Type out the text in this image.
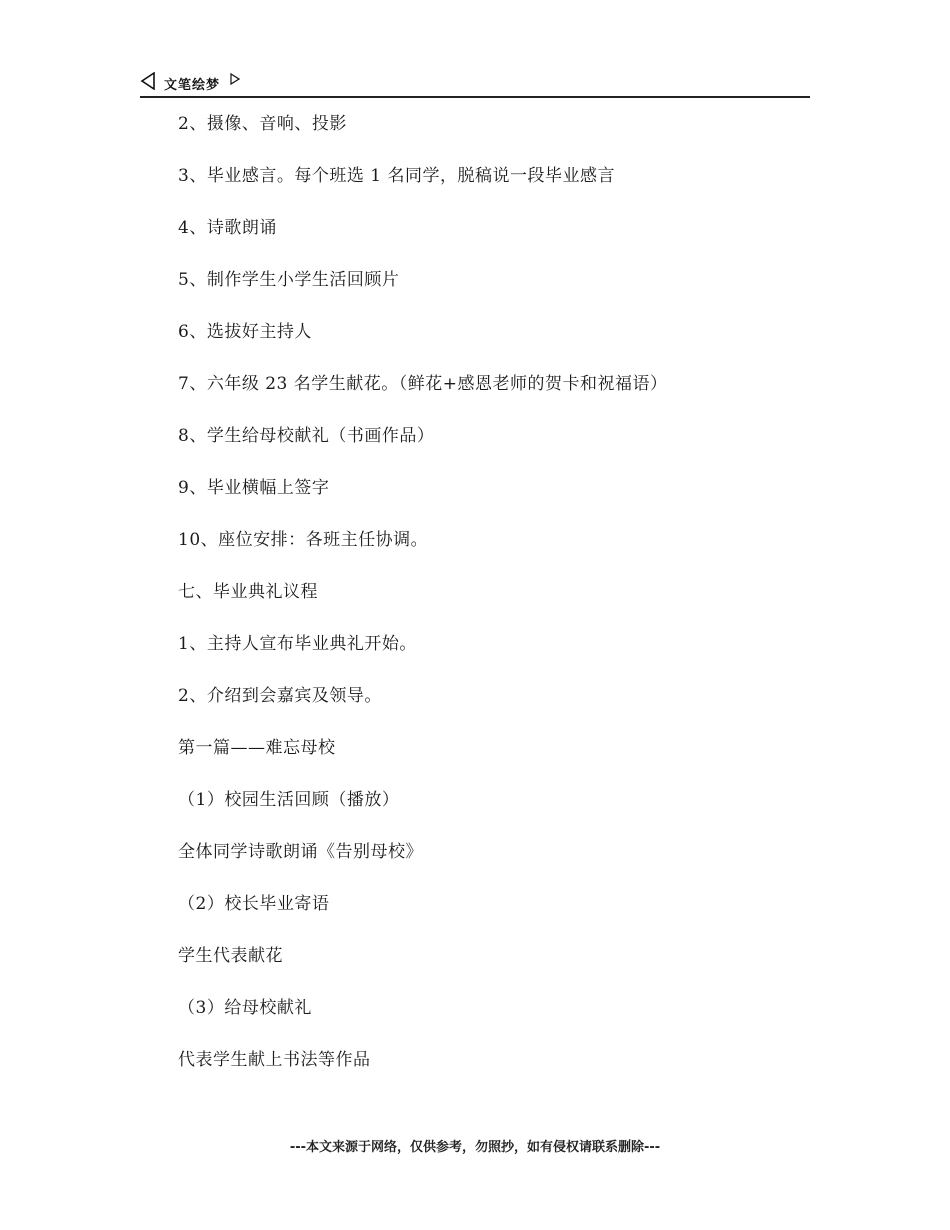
文笔绘梦
2、摄像、音响、投影
3、毕业感言。每个班选 1 名同学，脱稿说一段毕业感言
4、诗歌朗诵
5、制作学生小学生活回顾片
6、选拔好主持人
7、六年级 23 名学生献花。（鲜花+感恩老师的贺卡和祝福语）
8、学生给母校献礼（书画作品）
9、毕业横幅上签字
10、座位安排：各班主任协调。
七、毕业典礼议程
1、主持人宣布毕业典礼开始。
2、介绍到会嘉宾及领导。
第一篇——难忘母校
（1）校园生活回顾（播放）
全体同学诗歌朗诵《告别母校》
（2）校长毕业寄语
学生代表献花
（3）给母校献礼
代表学生献上书法等作品
---本文来源于网络，仅供参考，勿照抄，如有侵权请联系删除---
